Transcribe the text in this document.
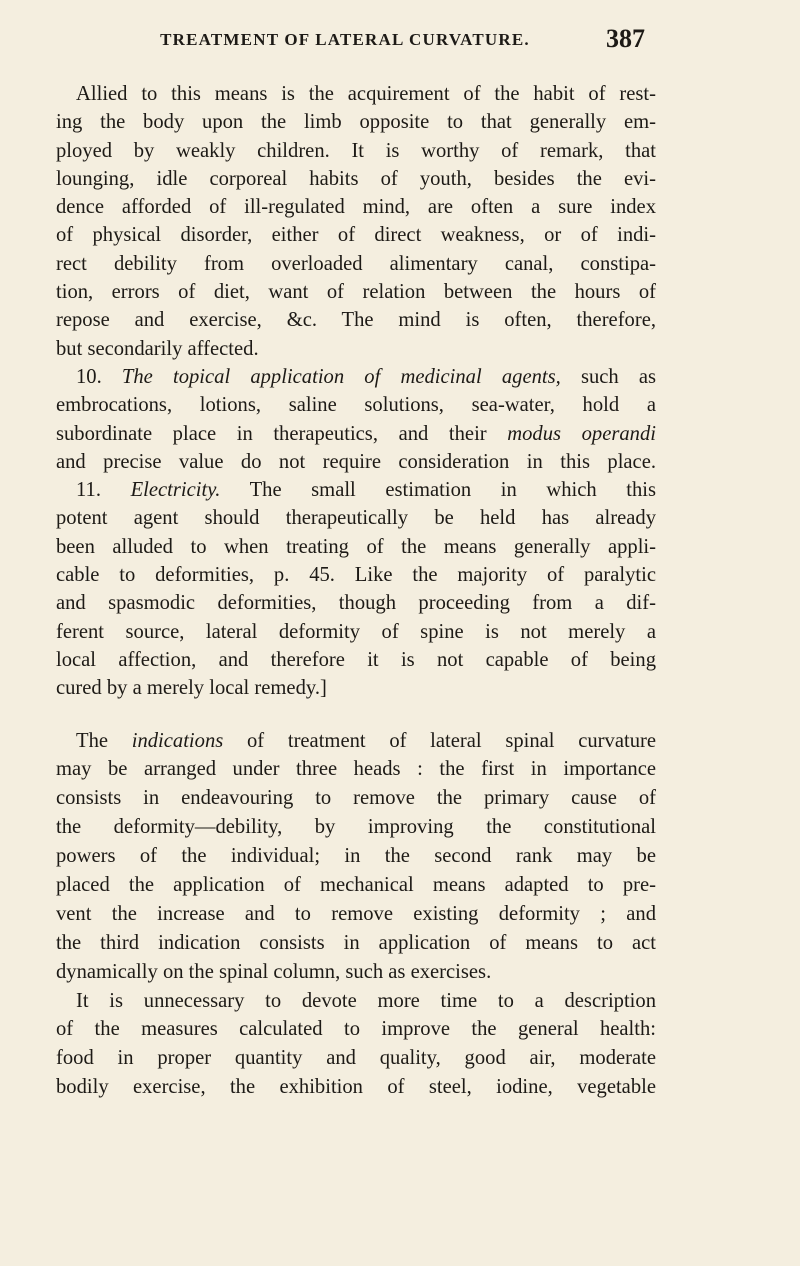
TREATMENT OF LATERAL CURVATURE.	387
Allied to this means is the acquirement of the habit of rest-
ing the body upon the limb opposite to that generally em-
ployed by weakly children. It is worthy of remark, that
lounging, idle corporeal habits of youth, besides the evi-
dence afforded of ill-regulated mind, are often a sure index
of physical disorder, either of direct weakness, or of indi-
rect debility from overloaded alimentary canal, constipa-
tion, errors of diet, want of relation between the hours of
repose and exercise, &c. The mind is often, therefore,
but secondarily affected.
10. The topical application of medicinal agents, such as
embrocations, lotions, saline solutions, sea-water, hold a
subordinate place in therapeutics, and their modus operandi
and precise value do not require consideration in this place.
11. Electricity. The small estimation in which this
potent agent should therapeutically be held has already
been alluded to when treating of the means generally appli-
cable to deformities, p. 45. Like the majority of paralytic
and spasmodic deformities, though proceeding from a dif-
ferent source, lateral deformity of spine is not merely a
local affection, and therefore it is not capable of being
cured by a merely local remedy.]
The indications of treatment of lateral spinal curvature
may be arranged under three heads : the first in importance
consists in endeavouring to remove the primary cause of
the deformity—debility, by improving the constitutional
powers of the individual; in the second rank may be
placed the application of mechanical means adapted to pre-
vent the increase and to remove existing deformity ; and
the third indication consists in application of means to act
dynamically on the spinal column, such as exercises.
It is unnecessary to devote more time to a description
of the measures calculated to improve the general health:
food in proper quantity and quality, good air, moderate
bodily exercise, the exhibition of steel, iodine, vegetable
